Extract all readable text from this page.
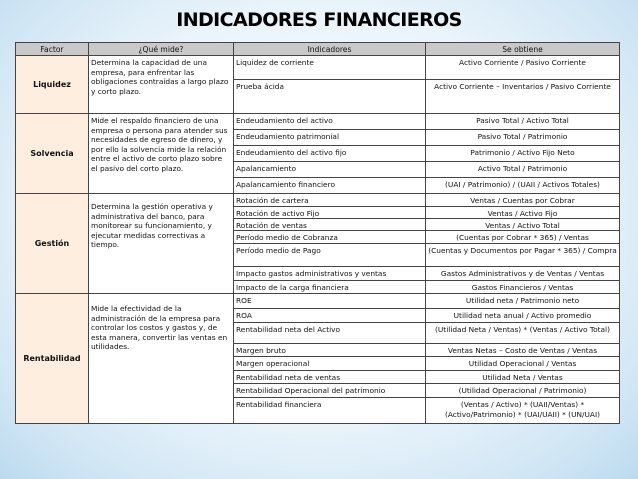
INDICADORES FINANCIEROS
Factor	¿Qué mide?	Indicadores	Se obtiene
Liquidez	Determina la capacidad de una empresa, para enfrentar las obligaciones contraídas a largo plazo y corto plazo.	Liquidez de corriente	Activo Corriente / Pasivo Corriente
		Prueba ácida	Activo Corriente – Inventarios / Pasivo Corriente
Solvencia	Mide el respaldo financiero de una empresa o persona para atender sus necesidades de egreso de dinero, y por ello la solvencia mide la relación entre el activo de corto plazo sobre el pasivo del corto plazo.	Endeudamiento del activo	Pasivo Total / Activo Total
		Endeudamiento patrimonial	Pasivo Total / Patrimonio
		Endeudamiento del activo fijo	Patrimonio / Activo Fijo Neto
		Apalancamiento	Activo Total / Patrimonio
		Apalancamiento financiero	(UAI / Patrimonio) / (UAII / Activos Totales)
Gestión	Determina la gestión operativa y administrativa del banco, para monitorear su funcionamiento, y ejecutar medidas correctivas a tiempo.	Rotación de cartera	Ventas / Cuentas por Cobrar
		Rotación de activo Fijo	Ventas / Activo Fijo
		Rotación de ventas	Ventas / Activo Total
		Período medio de Cobranza	(Cuentas por Cobrar * 365) / Ventas
		Período medio de Pago	(Cuentas y Documentos por Pagar * 365) / Compra
		Impacto gastos administrativos y ventas	Gastos Administrativos y de Ventas / Ventas
		Impacto de la carga financiera	Gastos Financieros / Ventas
Rentabilidad	Mide la efectividad de la administración de la empresa para controlar los costos y gastos y, de esta manera, convertir las ventas en utilidades.	ROE	Utilidad neta / Patrimonio neto
		ROA	Utilidad neta anual / Activo promedio
		Rentabilidad neta del Activo	(Utilidad Neta / Ventas) * (Ventas / Activo Total)
		Margen bruto	Ventas Netas – Costo de Ventas / Ventas
		Margen operacional	Utilidad Operacional / Ventas
		Rentabilidad neta de ventas	Utilidad Neta / Ventas
		Rentabilidad Operacional del patrimonio	(Utilidad Operacional / Patrimonio)
		Rentabilidad financiera	(Ventas / Activo) * (UAII/Ventas) * (Activo/Patrimonio) * (UAI/UAII) * (UN/UAI)
